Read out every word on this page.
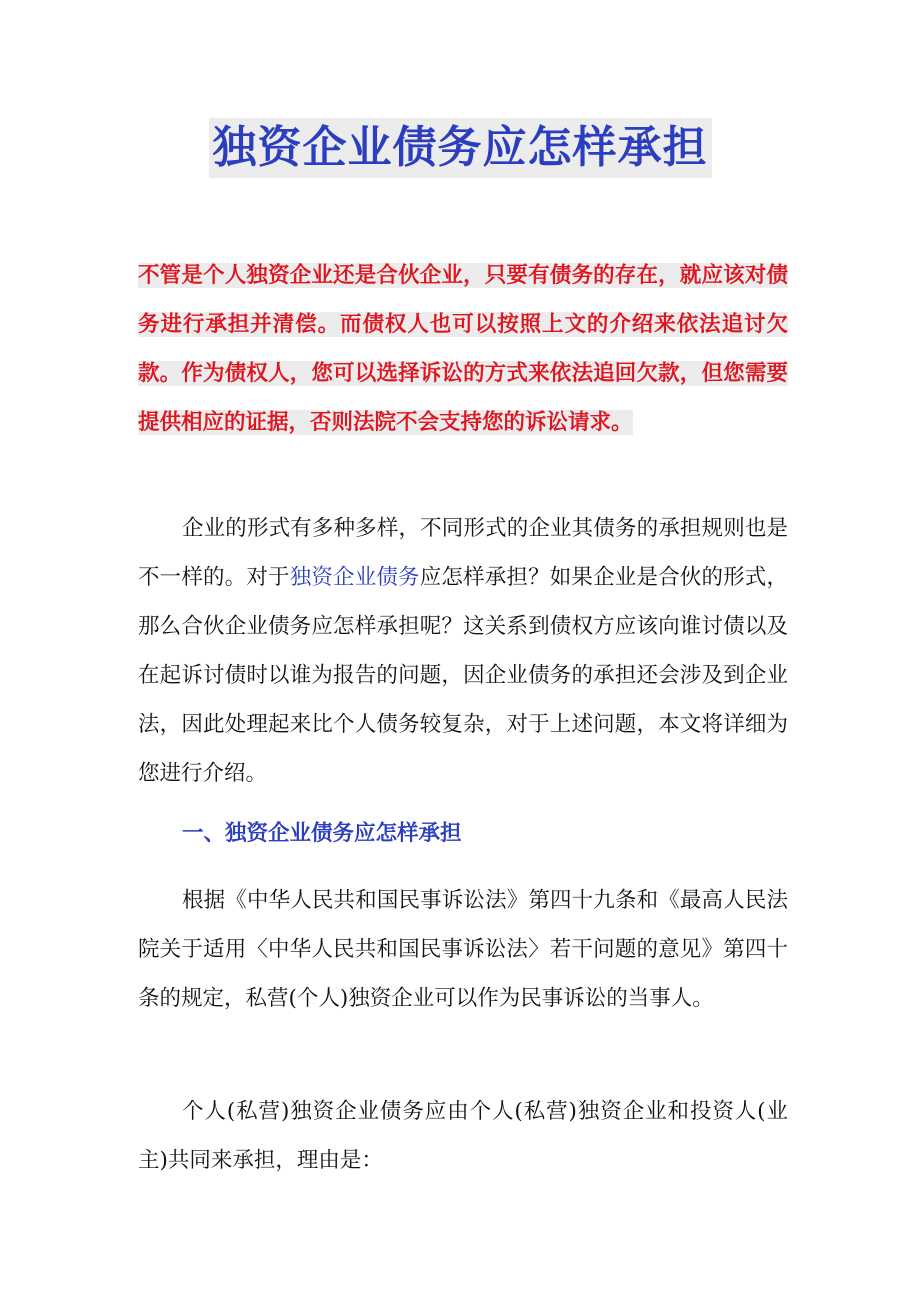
独资企业债务应怎样承担

不管是个人独资企业还是合伙企业，只要有债务的存在，就应该对债务进行承担并清偿。而债权人也可以按照上文的介绍来依法追讨欠款。作为债权人，您可以选择诉讼的方式来依法追回欠款，但您需要提供相应的证据，否则法院不会支持您的诉讼请求。

企业的形式有多种多样，不同形式的企业其债务的承担规则也是不一样的。对于独资企业债务应怎样承担？如果企业是合伙的形式，那么合伙企业债务应怎样承担呢？这关系到债权方应该向谁讨债以及在起诉讨债时以谁为报告的问题，因企业债务的承担还会涉及到企业法，因此处理起来比个人债务较复杂，对于上述问题，本文将详细为您进行介绍。

一、独资企业债务应怎样承担

根据《中华人民共和国民事诉讼法》第四十九条和《最高人民法院关于适用〈中华人民共和国民事诉讼法〉若干问题的意见》第四十条的规定，私营(个人)独资企业可以作为民事诉讼的当事人。

个人(私营)独资企业债务应由个人(私营)独资企业和投资人(业主)共同来承担，理由是：
